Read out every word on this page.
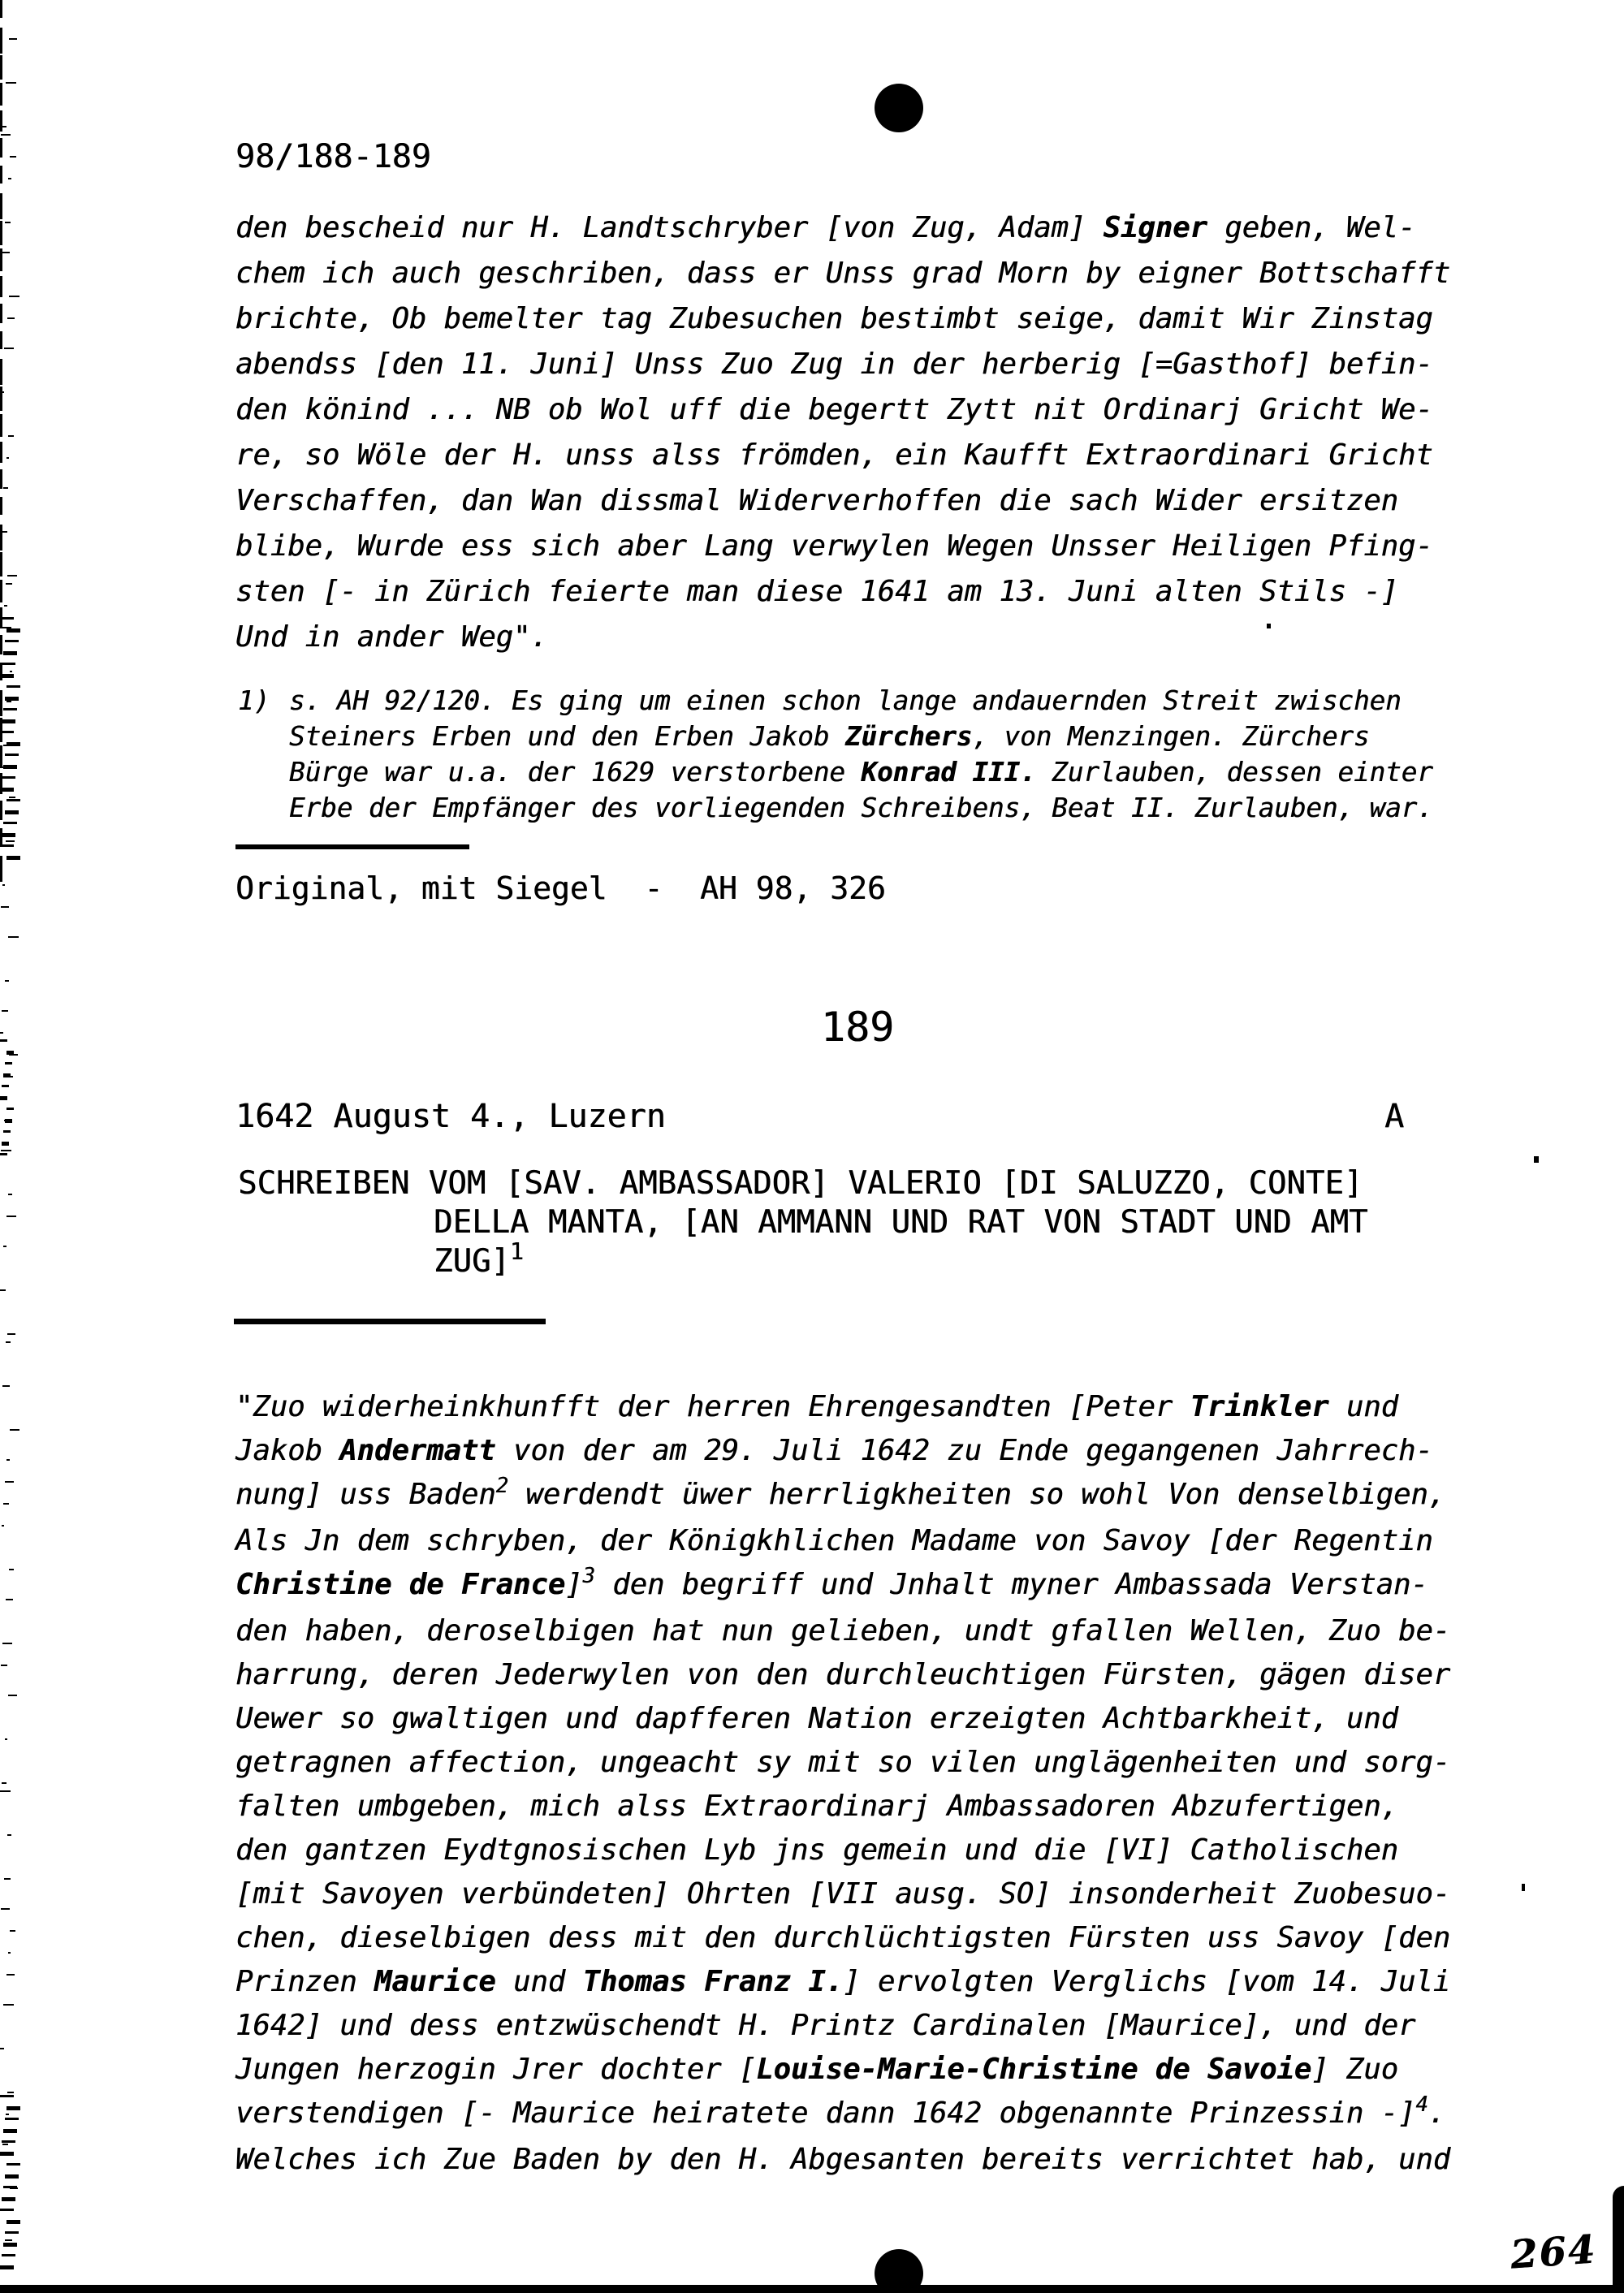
98/188-189
den bescheid nur H. Landtschryber [von Zug, Adam] Signer geben, Wel-
chem ich auch geschriben, dass er Unss grad Morn by eigner Bottschafft
brichte, Ob bemelter tag Zubesuchen bestimbt seige, damit Wir Zinstag
abendss [den 11. Juni] Unss Zuo Zug in der herberig [=Gasthof] befin-
den könind ... NB ob Wol uff die begertt Zytt nit Ordinarj Gricht We-
re, so Wöle der H. unss alss frömden, ein Kaufft Extraordinari Gricht
Verschaffen, dan Wan dissmal Widerverhoffen die sach Wider ersitzen
blibe, Wurde ess sich aber Lang verwylen Wegen Unsser Heiligen Pfing-
sten [- in Zürich feierte man diese 1641 am 13. Juni alten Stils -]
Und in ander Weg".
1) s. AH 92/120. Es ging um einen schon lange andauernden Streit zwischen
Steiners Erben und den Erben Jakob Zürchers, von Menzingen. Zürchers
Bürge war u.a. der 1629 verstorbene Konrad III. Zurlauben, dessen einter
Erbe der Empfänger des vorliegenden Schreibens, Beat II. Zurlauben, war.
Original, mit Siegel  -  AH 98, 326
189
1642 August 4., Luzern	A
SCHREIBEN VOM [SAV. AMBASSADOR] VALERIO [DI SALUZZO, CONTE]
DELLA MANTA, [AN AMMANN UND RAT VON STADT UND AMT
ZUG]$^1$
"Zuo widerheinkhunfft der herren Ehrengesandten [Peter Trinkler und
Jakob Andermatt von der am 29. Juli 1642 zu Ende gegangenen Jahrrech-
nung] uss Baden$^2$ werdendt üwer herrligkheiten so wohl Von denselbigen,
Als Jn dem schryben, der Königkhlichen Madame von Savoy [der Regentin
Christine de France]$^3$ den begriff und Jnhalt myner Ambassada Verstan-
den haben, deroselbigen hat nun gelieben, undt gfallen Wellen, Zuo be-
harrung, deren Jederwylen von den durchleuchtigen Fürsten, gägen diser
Uewer so gwaltigen und dapfferen Nation erzeigten Achtbarkheit, und
getragnen affection, ungeacht sy mit so vilen unglägenheiten und sorg-
falten umbgeben, mich alss Extraordinarj Ambassadoren Abzufertigen,
den gantzen Eydtgnosischen Lyb jns gemein und die [VI] Catholischen
[mit Savoyen verbündeten] Ohrten [VII ausg. SO] insonderheit Zuobesuo-
chen, dieselbigen dess mit den durchlüchtigsten Fürsten uss Savoy [den
Prinzen Maurice und Thomas Franz I.] ervolgten Verglichs [vom 14. Juli
1642] und dess entzwüschendt H. Printz Cardinalen [Maurice], und der
Jungen herzogin Jrer dochter [Louise-Marie-Christine de Savoie] Zuo
verstendigen [- Maurice heiratete dann 1642 obgenannte Prinzessin -]$^4$.
Welches ich Zue Baden by den H. Abgesanten bereits verrichtet hab, und
264
